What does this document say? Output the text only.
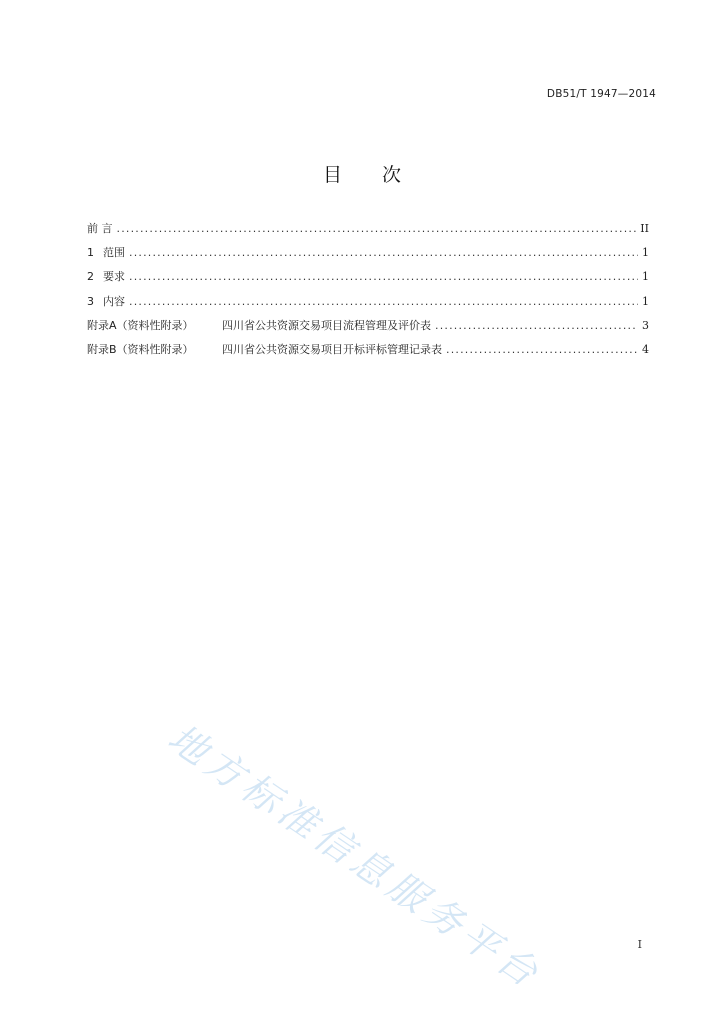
DB51/T 1947—2014
目次
前 言 .....	II
1 范围 .....	1
2 要求 .....	1
3 内容 .....	1
附录A（资料性附录）	四川省公共资源交易项目流程管理及评价表 .....	3
附录B（资料性附录）	四川省公共资源交易项目开标评标管理记录表 .....	4
地方标准信息服务平台	I
